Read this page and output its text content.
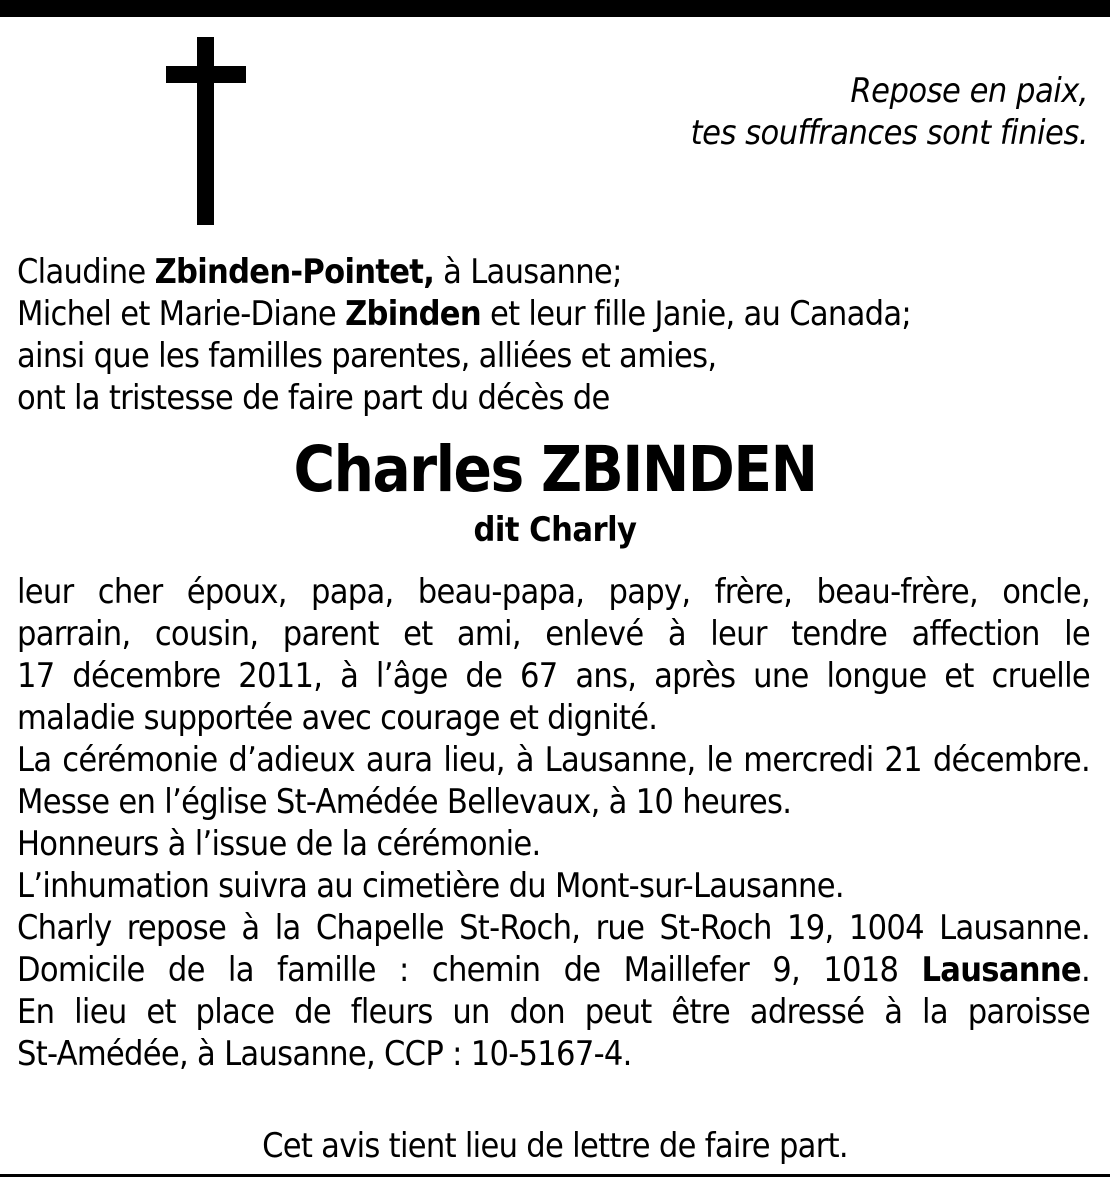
Repose en paix,
tes souffrances sont finies.
Claudine Zbinden-Pointet, à Lausanne;
Michel et Marie-Diane Zbinden et leur fille Janie, au Canada;
ainsi que les familles parentes, alliées et amies,
ont la tristesse de faire part du décès de
Charles ZBINDEN
dit Charly
leur cher époux, papa, beau-papa, papy, frère, beau-frère, oncle,
parrain, cousin, parent et ami, enlevé à leur tendre affection le
17 décembre 2011, à l’âge de 67 ans, après une longue et cruelle
maladie supportée avec courage et dignité.
La cérémonie d’adieux aura lieu, à Lausanne, le mercredi 21 décembre.
Messe en l’église St-Amédée Bellevaux, à 10 heures.
Honneurs à l’issue de la cérémonie.
L’inhumation suivra au cimetière du Mont-sur-Lausanne.
Charly repose à la Chapelle St-Roch, rue St-Roch 19, 1004 Lausanne.
Domicile de la famille : chemin de Maillefer 9, 1018 Lausanne.
En lieu et place de fleurs un don peut être adressé à la paroisse
St-Amédée, à Lausanne, CCP : 10-5167-4.
Cet avis tient lieu de lettre de faire part.
